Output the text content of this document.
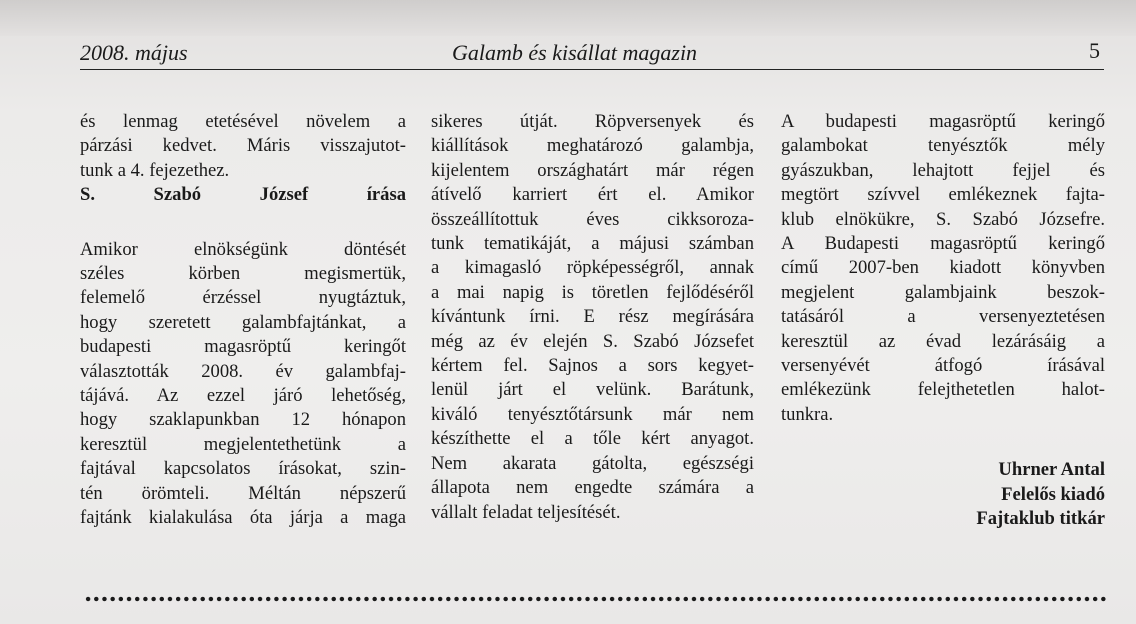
2008. május	Galamb és kisállat magazin	5

és lenmag etetésével növelem a

párzási kedvet. Máris visszajutot-

tunk a 4. fejezethez.

S. Szabó József írása

Amikor elnökségünk döntését

széles körben megismertük,

felemelő érzéssel nyugtáztuk,

hogy szeretett galambfajtánkat, a

budapesti magasröptű keringőt

választották 2008. év galambfaj-

tájává. Az ezzel járó lehetőség,

hogy szaklapunkban 12 hónapon

keresztül megjelentethetünk a

fajtával kapcsolatos írásokat, szin-

tén örömteli. Méltán népszerű

fajtánk kialakulása óta járja a maga

sikeres útját. Röpversenyek és

kiállítások meghatározó galambja,

kijelentem országhatárt már régen

átívelő karriert ért el. Amikor

összeállítottuk éves cikksoroza-

tunk tematikáját, a májusi számban

a kimagasló röpképességről, annak

a mai napig is töretlen fejlődéséről

kívántunk írni. E rész megírására

még az év elején S. Szabó Józsefet

kértem fel. Sajnos a sors kegyet-

lenül járt el velünk. Barátunk,

kiváló tenyésztőtársunk már nem

készíthette el a tőle kért anyagot.

Nem akarata gátolta, egészségi

állapota nem engedte számára a

vállalt feladat teljesítését.

A budapesti magasröptű keringő

galambokat tenyésztők mély

gyászukban, lehajtott fejjel és

megtört szívvel emlékeznek fajta-

klub elnökükre, S. Szabó Józsefre.

A Budapesti magasröptű keringő

című 2007-ben kiadott könyvben

megjelent galambjaink beszok-

tatásáról a versenyeztetésen

keresztül az évad lezárásáig a

versenyévét átfogó írásával

emlékezünk felejthetetlen halot-

tunkra.

Uhrner Antal

Felelős kiadó

Fajtaklub titkár
